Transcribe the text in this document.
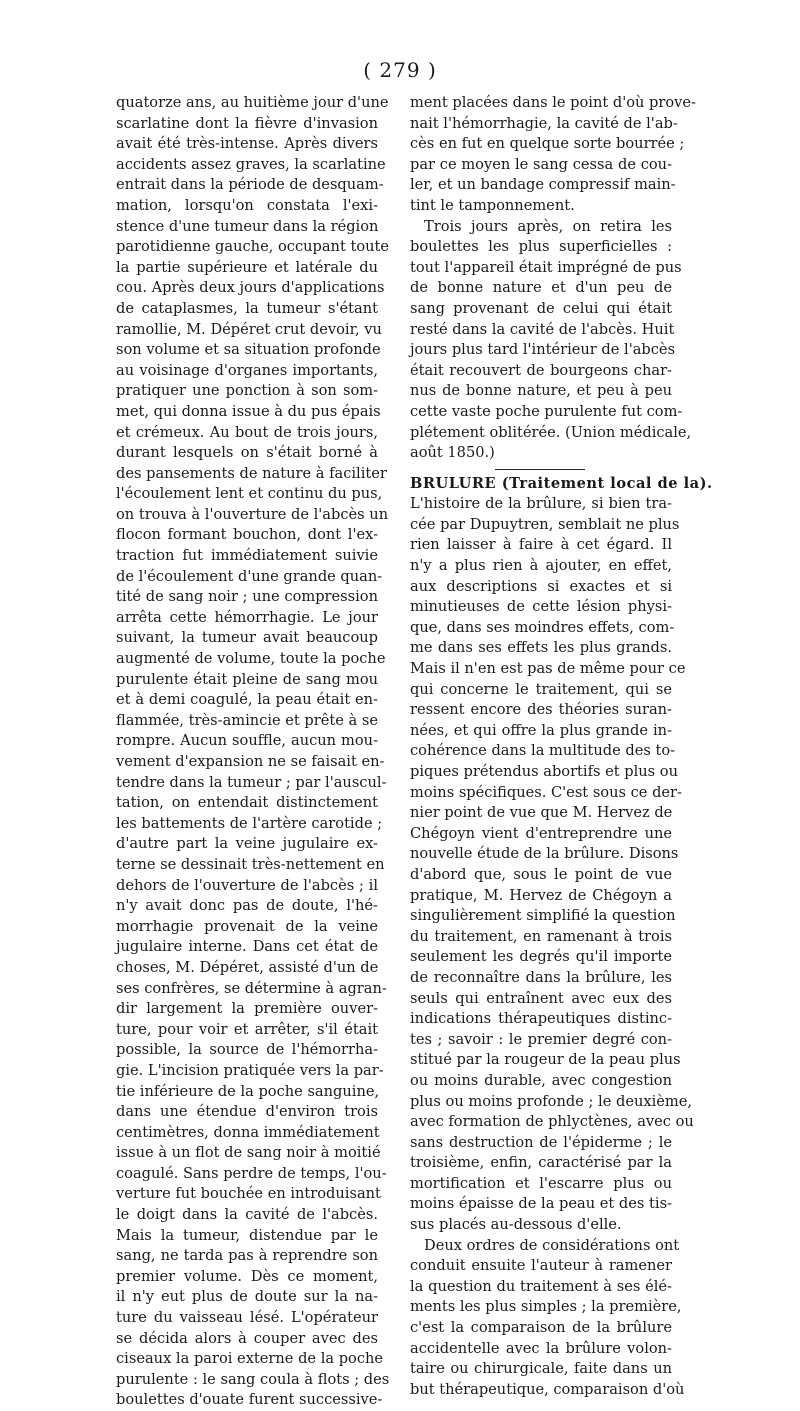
( 279 )
quatorze ans, au huitième jour d'une
scarlatine dont la fièvre d'invasion
avait été très-intense. Après divers
accidents assez graves, la scarlatine
entrait dans la période de desquam-
mation, lorsqu'on constata l'exi-
stence d'une tumeur dans la région
parotidienne gauche, occupant toute
la partie supérieure et latérale du
cou. Après deux jours d'applications
de cataplasmes, la tumeur s'étant
ramollie, M. Dépéret crut devoir, vu
son volume et sa situation profonde
au voisinage d'organes importants,
pratiquer une ponction à son som-
met, qui donna issue à du pus épais
et crémeux. Au bout de trois jours,
durant lesquels on s'était borné à
des pansements de nature à faciliter
l'écoulement lent et continu du pus,
on trouva à l'ouverture de l'abcès un
flocon formant bouchon, dont l'ex-
traction fut immédiatement suivie
de l'écoulement d'une grande quan-
tité de sang noir ; une compression
arrêta cette hémorrhagie. Le jour
suivant, la tumeur avait beaucoup
augmenté de volume, toute la poche
purulente était pleine de sang mou
et à demi coagulé, la peau était en-
flammée, très-amincie et prête à se
rompre. Aucun souffle, aucun mou-
vement d'expansion ne se faisait en-
tendre dans la tumeur ; par l'auscul-
tation, on entendait distinctement
les battements de l'artère carotide ;
d'autre part la veine jugulaire ex-
terne se dessinait très-nettement en
dehors de l'ouverture de l'abcès ; il
n'y avait donc pas de doute, l'hé-
morrhagie provenait de la veine
jugulaire interne. Dans cet état de
choses, M. Dépéret, assisté d'un de
ses confrères, se détermine à agran-
dir largement la première ouver-
ture, pour voir et arrêter, s'il était
possible, la source de l'hémorrha-
gie. L'incision pratiquée vers la par-
tie inférieure de la poche sanguine,
dans une étendue d'environ trois
centimètres, donna immédiatement
issue à un flot de sang noir à moitié
coagulé. Sans perdre de temps, l'ou-
verture fut bouchée en introduisant
le doigt dans la cavité de l'abcès.
Mais la tumeur, distendue par le
sang, ne tarda pas à reprendre son
premier volume. Dès ce moment,
il n'y eut plus de doute sur la na-
ture du vaisseau lésé. L'opérateur
se décida alors à couper avec des
ciseaux la paroi externe de la poche
purulente : le sang coula à flots ; des
boulettes d'ouate furent successive-
ment placées dans le point d'où prove-
nait l'hémorrhagie, la cavité de l'ab-
cès en fut en quelque sorte bourrée ;
par ce moyen le sang cessa de cou-
ler, et un bandage compressif main-
tint le tamponnement.
Trois jours après, on retira les
boulettes les plus superficielles :
tout l'appareil était imprégné de pus
de bonne nature et d'un peu de
sang provenant de celui qui était
resté dans la cavité de l'abcès. Huit
jours plus tard l'intérieur de l'abcès
était recouvert de bourgeons char-
nus de bonne nature, et peu à peu
cette vaste poche purulente fut com-
plétement oblitérée. (Union médicale,
août 1850.)
BRULURE (Traitement local de la).
L'histoire de la brûlure, si bien tra-
cée par Dupuytren, semblait ne plus
rien laisser à faire à cet égard. Il
n'y a plus rien à ajouter, en effet,
aux descriptions si exactes et si
minutieuses de cette lésion physi-
que, dans ses moindres effets, com-
me dans ses effets les plus grands.
Mais il n'en est pas de même pour ce
qui concerne le traitement, qui se
ressent encore des théories suran-
nées, et qui offre la plus grande in-
cohérence dans la multitude des to-
piques prétendus abortifs et plus ou
moins spécifiques. C'est sous ce der-
nier point de vue que M. Hervez de
Chégoyn vient d'entreprendre une
nouvelle étude de la brûlure. Disons
d'abord que, sous le point de vue
pratique, M. Hervez de Chégoyn a
singulièrement simplifié la question
du traitement, en ramenant à trois
seulement les degrés qu'il importe
de reconnaître dans la brûlure, les
seuls qui entraînent avec eux des
indications thérapeutiques distinc-
tes ; savoir : le premier degré con-
stitué par la rougeur de la peau plus
ou moins durable, avec congestion
plus ou moins profonde ; le deuxième,
avec formation de phlyctènes, avec ou
sans destruction de l'épiderme ; le
troisième, enfin, caractérisé par la
mortification et l'escarre plus ou
moins épaisse de la peau et des tis-
sus placés au-dessous d'elle.
Deux ordres de considérations ont
conduit ensuite l'auteur à ramener
la question du traitement à ses élé-
ments les plus simples ; la première,
c'est la comparaison de la brûlure
accidentelle avec la brûlure volon-
taire ou chirurgicale, faite dans un
but thérapeutique, comparaison d'où
